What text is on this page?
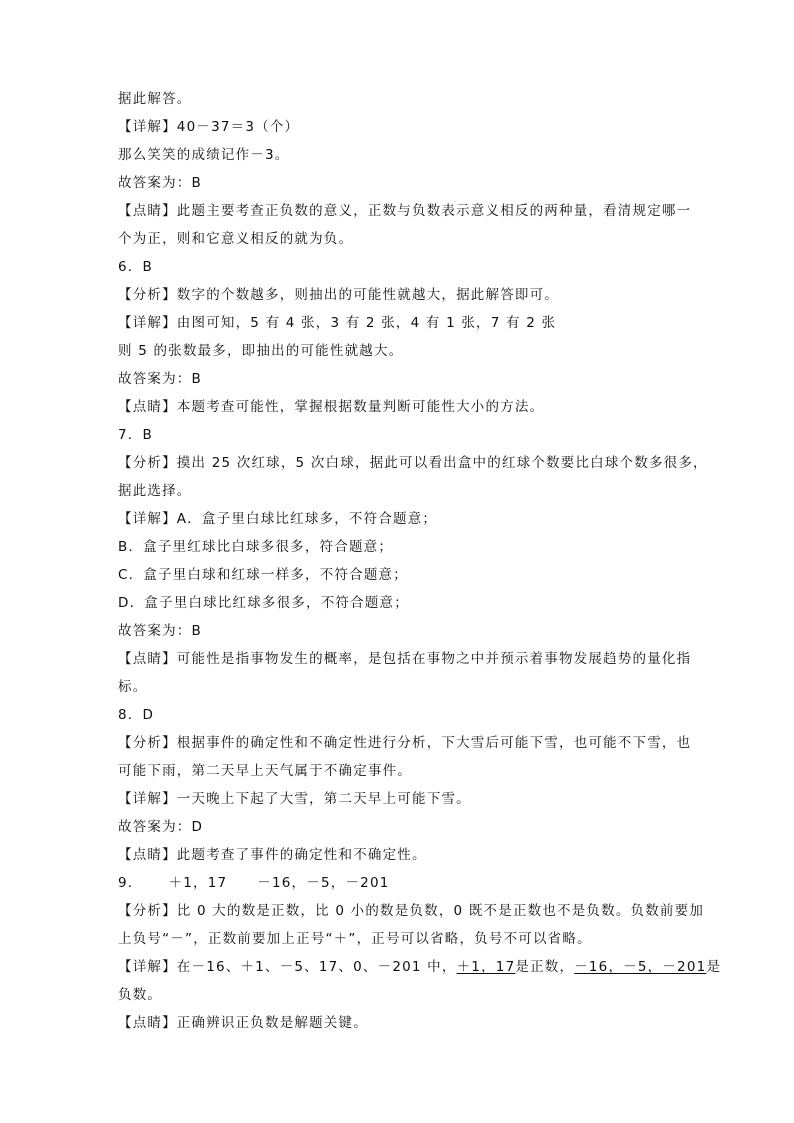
据此解答。
【详解】40－37＝3（个）
那么笑笑的成绩记作－3。
故答案为：B
【点睛】此题主要考查正负数的意义，正数与负数表示意义相反的两种量，看清规定哪一
个为正，则和它意义相反的就为负。
6．B
【分析】数字的个数越多，则抽出的可能性就越大，据此解答即可。
【详解】由图可知，5 有 4 张，3 有 2 张，4 有 1 张，7 有 2 张
则 5 的张数最多，即抽出的可能性就越大。
故答案为：B
【点睛】本题考查可能性，掌握根据数量判断可能性大小的方法。
7．B
【分析】摸出 25 次红球，5 次白球，据此可以看出盒中的红球个数要比白球个数多很多，
据此选择。
【详解】A．盒子里白球比红球多，不符合题意；
B．盒子里红球比白球多很多，符合题意；
C．盒子里白球和红球一样多，不符合题意；
D．盒子里白球比红球多很多，不符合题意；
故答案为：B
【点睛】可能性是指事物发生的概率，是包括在事物之中并预示着事物发展趋势的量化指
标。
8．D
【分析】根据事件的确定性和不确定性进行分析，下大雪后可能下雪，也可能不下雪，也
可能下雨，第二天早上天气属于不确定事件。
【详解】一天晚上下起了大雪，第二天早上可能下雪。
故答案为：D
【点睛】此题考查了事件的确定性和不确定性。
9． ＋1，17 －16，－5，－201
【分析】比 0 大的数是正数，比 0 小的数是负数，0 既不是正数也不是负数。负数前要加
上负号“－”，正数前要加上正号“＋”，正号可以省略，负号不可以省略。
【详解】在－16、＋1、－5、17、0、－201 中，＋1，17是正数，－16，－5，－201是
负数。
【点睛】正确辨识正负数是解题关键。
